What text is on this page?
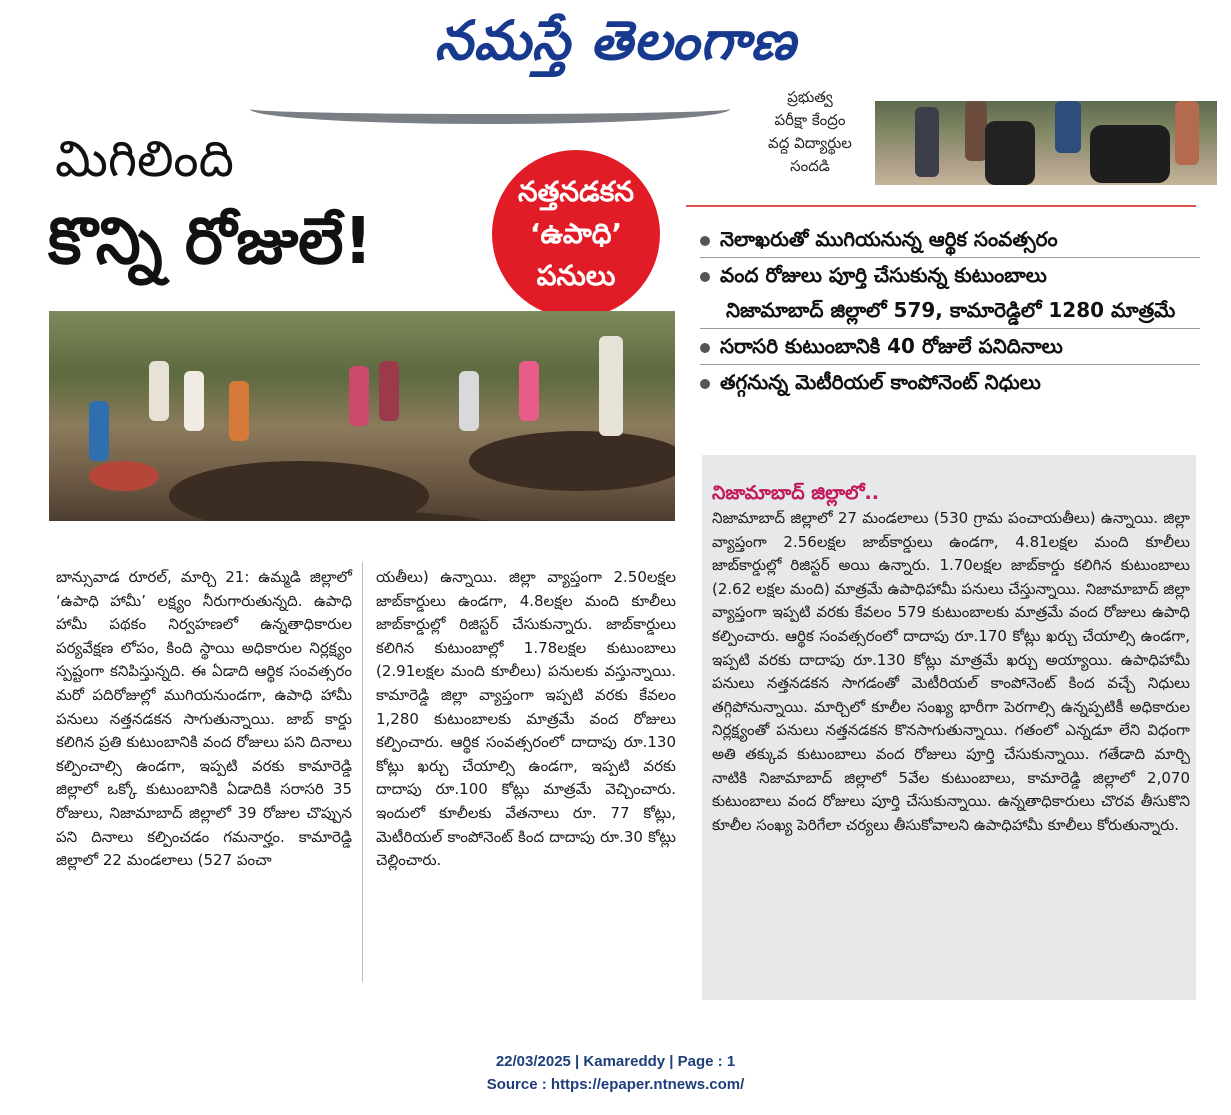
నమస్తే తెలంగాణ
ప్రభుత్వ
పరీక్షా కేంద్రం
వద్ద విద్యార్థుల
సందడి
మిగిలింది
కొన్ని రోజులే!
నత్తనడకన
‘ఉపాధి’
పనులు
నెలాఖరుతో ముగియనున్న ఆర్థిక సంవత్సరం
వంద రోజులు పూర్తి చేసుకున్న కుటుంబాలు
నిజామాబాద్ జిల్లాలో 579, కామారెడ్డిలో 1280 మాత్రమే
సరాసరి కుటుంబానికి 40 రోజులే పనిదినాలు
తగ్గనున్న మెటీరియల్ కాంపోనెంట్ నిధులు
బాన్సువాడ రూరల్, మార్చి 21: ఉమ్మడి జిల్లాలో ‘ఉపాధి హామీ’ లక్ష్యం నీరుగారుతున్నది. ఉపాధి హామీ పథకం నిర్వహణలో ఉన్నతాధికారుల పర్యవేక్షణ లోపం, కింది స్థాయి అధికారుల నిర్లక్ష్యం స్పష్టంగా కనిపిస్తున్నది. ఈ ఏడాది ఆర్థిక సంవత్సరం మరో పదిరోజుల్లో ముగియనుండగా, ఉపాధి హామీ పనులు నత్తనడకన సాగుతున్నాయి. జాబ్ కార్డు కలిగిన ప్రతి కుటుంబానికి వంద రోజులు పని దినాలు కల్పించాల్సి ఉండగా, ఇప్పటి వరకు కామారెడ్డి జిల్లాలో ఒక్కో కుటుంబానికి ఏడాదికి సరాసరి 35 రోజులు, నిజామాబాద్ జిల్లాలో 39 రోజుల చొప్పున పని దినాలు కల్పించడం గమనార్హం. కామారెడ్డి జిల్లాలో 22 మండలాలు (527 పంచా
యతీలు) ఉన్నాయి. జిల్లా వ్యాప్తంగా 2.50లక్షల జాబ్‌కార్డులు ఉండగా, 4.8లక్షల మంది కూలీలు జాబ్‌కార్డుల్లో రిజిస్టర్ చేసుకున్నారు. జాబ్‌కార్డులు కలిగిన కుటుంబాల్లో 1.78లక్షల కుటుంబాలు (2.91లక్షల మంది కూలీలు) పనులకు వస్తున్నాయి. కామారెడ్డి జిల్లా వ్యాప్తంగా ఇప్పటి వరకు కేవలం 1,280 కుటుంబాలకు మాత్రమే వంద రోజులు కల్పించారు. ఆర్థిక సంవత్సరంలో దాదాపు రూ.130 కోట్లు ఖర్చు చేయాల్సి ఉండగా, ఇప్పటి వరకు దాదాపు రూ.100 కోట్లు మాత్రమే వెచ్చించారు. ఇందులో కూలీలకు వేతనాలు రూ. 77 కోట్లు, మెటీరియల్ కాంపోనెంట్ కింద దాదాపు రూ.30 కోట్లు చెల్లించారు.
నిజామాబాద్ జిల్లాలో..
నిజామాబాద్ జిల్లాలో 27 మండలాలు (530 గ్రామ పంచాయతీలు) ఉన్నాయి. జిల్లా వ్యాప్తంగా 2.56లక్షల జాబ్‌కార్డులు ఉండగా, 4.81లక్షల మంది కూలీలు జాబ్‌కార్డుల్లో రిజిస్టర్ అయి ఉన్నారు. 1.70లక్షల జాబ్‌కార్డు కలిగిన కుటుంబాలు (2.62 లక్షల మంది) మాత్రమే ఉపాధిహామీ పనులు చేస్తున్నాయి. నిజామాబాద్ జిల్లా వ్యాప్తంగా ఇప్పటి వరకు కేవలం 579 కుటుంబాలకు మాత్రమే వంద రోజులు ఉపాధి కల్పించారు. ఆర్థిక సంవత్సరంలో దాదాపు రూ.170 కోట్లు ఖర్చు చేయాల్సి ఉండగా, ఇప్పటి వరకు దాదాపు రూ.130 కోట్లు మాత్రమే ఖర్చు అయ్యాయి. ఉపాధిహామీ పనులు నత్తనడకన సాగడంతో మెటీరియల్ కాంపోనెంట్ కింద వచ్చే నిధులు తగ్గిపోనున్నాయి. మార్చిలో కూలీల సంఖ్య భారీగా పెరగాల్సి ఉన్నప్పటికీ అధికారుల నిర్లక్ష్యంతో పనులు నత్తనడకన కొనసాగుతున్నాయి. గతంలో ఎన్నడూ లేని విధంగా అతి తక్కువ కుటుంబాలు వంద రోజులు పూర్తి చేసుకున్నాయి. గతేడాది మార్చి నాటికి నిజామాబాద్ జిల్లాలో 5వేల కుటుంబాలు, కామారెడ్డి జిల్లాలో 2,070 కుటుంబాలు వంద రోజులు పూర్తి చేసుకున్నాయి. ఉన్నతాధికారులు చొరవ తీసుకొని కూలీల సంఖ్య పెరిగేలా చర్యలు తీసుకోవాలని ఉపాధిహామీ కూలీలు కోరుతున్నారు.
22/03/2025 | Kamareddy | Page : 1
Source : https://epaper.ntnews.com/
